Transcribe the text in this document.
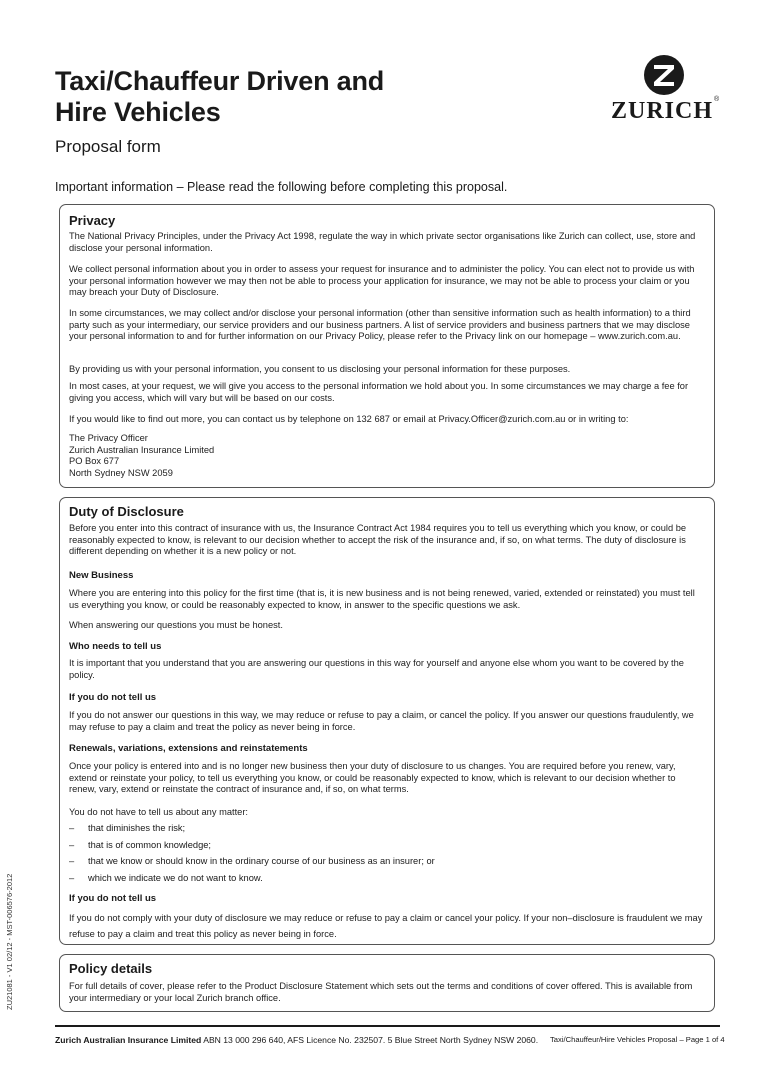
Taxi/Chauffeur Driven and
Hire Vehicles
Proposal form
Important information – Please read the following before completing this proposal.
ZURICH ®
Privacy
The National Privacy Principles, under the Privacy Act 1998, regulate the way in which private sector organisations like Zurich can collect, use, store and disclose your personal information.
We collect personal information about you in order to assess your request for insurance and to administer the policy. You can elect not to provide us with your personal information however we may then not be able to process your application for insurance, we may not be able to process your claim or you may breach your Duty of Disclosure.
In some circumstances, we may collect and/or disclose your personal information (other than sensitive information such as health information) to a third party such as your intermediary, our service providers and our business partners. A list of service providers and business partners that we may disclose your personal information to and for further information on our Privacy Policy, please refer to the Privacy link on our homepage – www.zurich.com.au.
By providing us with your personal information, you consent to us disclosing your personal information for these purposes.
In most cases, at your request, we will give you access to the personal information we hold about you. In some circumstances we may charge a fee for giving you access, which will vary but will be based on our costs.
If you would like to find out more, you can contact us by telephone on 132 687 or email at Privacy.Officer@zurich.com.au or in writing to:
The Privacy Officer
Zurich Australian Insurance Limited
PO Box 677
North Sydney NSW 2059
Duty of Disclosure
Before you enter into this contract of insurance with us, the Insurance Contract Act 1984 requires you to tell us everything which you know, or could be reasonably expected to know, is relevant to our decision whether to accept the risk of the insurance and, if so, on what terms. The duty of disclosure is different depending on whether it is a new policy or not.
New Business
Where you are entering into this policy for the first time (that is, it is new business and is not being renewed, varied, extended or reinstated) you must tell us everything you know, or could be reasonably expected to know, in answer to the specific questions we ask.
When answering our questions you must be honest.
Who needs to tell us
It is important that you understand that you are answering our questions in this way for yourself and anyone else whom you want to be covered by the policy.
If you do not tell us
If you do not answer our questions in this way, we may reduce or refuse to pay a claim, or cancel the policy. If you answer our questions fraudulently, we may refuse to pay a claim and treat the policy as never being in force.
Renewals, variations, extensions and reinstatements
Once your policy is entered into and is no longer new business then your duty of disclosure to us changes. You are required before you renew, vary, extend or reinstate your policy, to tell us everything you know, or could be reasonably expected to know, which is relevant to our decision whether to renew, vary, extend or reinstate the contract of insurance and, if so, on what terms.
You do not have to tell us about any matter:
– that diminishes the risk;
– that is of common knowledge;
– that we know or should know in the ordinary course of our business as an insurer; or
– which we indicate we do not want to know.
If you do not tell us
If you do not comply with your duty of disclosure we may reduce or refuse to pay a claim or cancel your policy. If your non–disclosure is fraudulent we may refuse to pay a claim and treat this policy as never being in force.
Policy details
For full details of cover, please refer to the Product Disclosure Statement which sets out the terms and conditions of cover offered. This is available from your intermediary or your local Zurich branch office.
ZU21081 - V1 02/12 - MST-006576-2012
Zurich Australian Insurance Limited ABN 13 000 296 640, AFS Licence No. 232507. 5 Blue Street North Sydney NSW 2060. Taxi/Chauffeur/Hire Vehicles Proposal – Page 1 of 4
